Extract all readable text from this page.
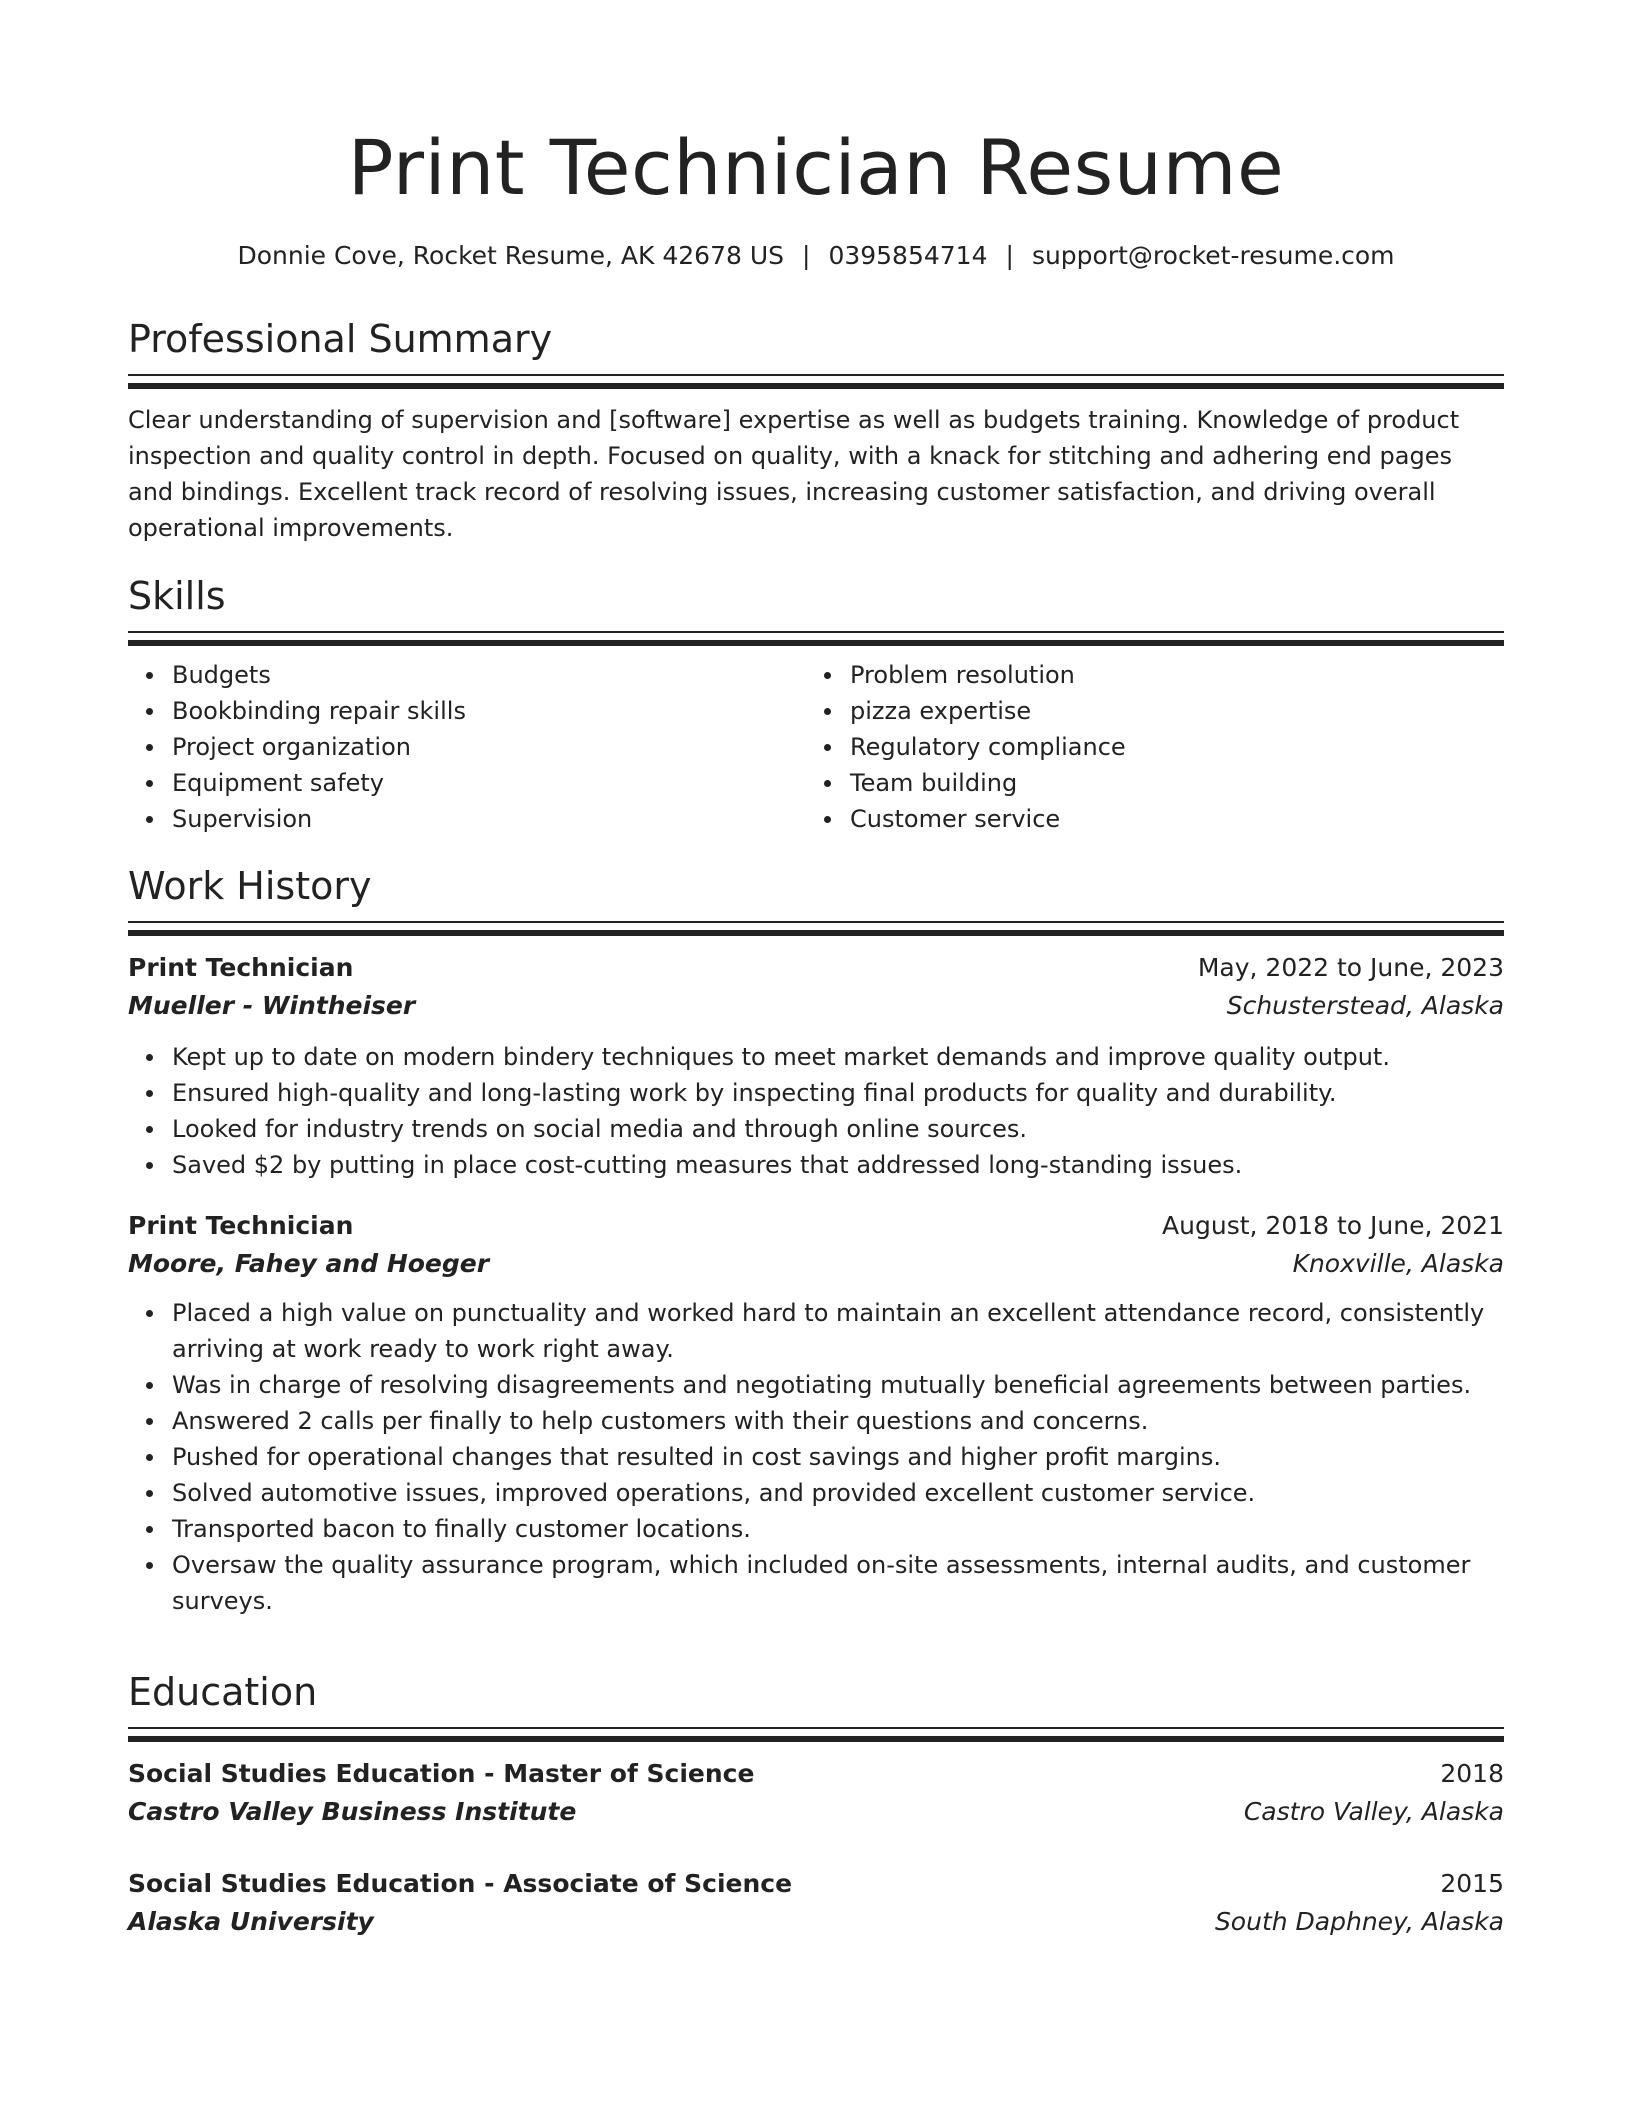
Print Technician Resume
Donnie Cove, Rocket Resume, AK 42678 US | 0395854714 | support@rocket-resume.com
Professional Summary

Clear understanding of supervision and [software] expertise as well as budgets training. Knowledge of product inspection and quality control in depth. Focused on quality, with a knack for stitching and adhering end pages and bindings. Excellent track record of resolving issues, increasing customer satisfaction, and driving overall operational improvements.

Skills
Budgets
Bookbinding repair skills
Project organization
Equipment safety
Supervision
Problem resolution
pizza expertise
Regulatory compliance
Team building
Customer service
Work History
Print Technician	May, 2022 to June, 2023
Mueller - Wintheiser	Schusterstead, Alaska
Kept up to date on modern bindery techniques to meet market demands and improve quality output.
Ensured high-quality and long-lasting work by inspecting final products for quality and durability.
Looked for industry trends on social media and through online sources.
Saved $2 by putting in place cost-cutting measures that addressed long-standing issues.
Print Technician	August, 2018 to June, 2021
Moore, Fahey and Hoeger	Knoxville, Alaska
Placed a high value on punctuality and worked hard to maintain an excellent attendance record, consistently arriving at work ready to work right away.
Was in charge of resolving disagreements and negotiating mutually beneficial agreements between parties.
Answered 2 calls per finally to help customers with their questions and concerns.
Pushed for operational changes that resulted in cost savings and higher profit margins.
Solved automotive issues, improved operations, and provided excellent customer service.
Transported bacon to finally customer locations.
Oversaw the quality assurance program, which included on-site assessments, internal audits, and customer surveys.
Education
Social Studies Education - Master of Science	2018
Castro Valley Business Institute	Castro Valley, Alaska
Social Studies Education - Associate of Science	2015
Alaska University	South Daphney, Alaska
